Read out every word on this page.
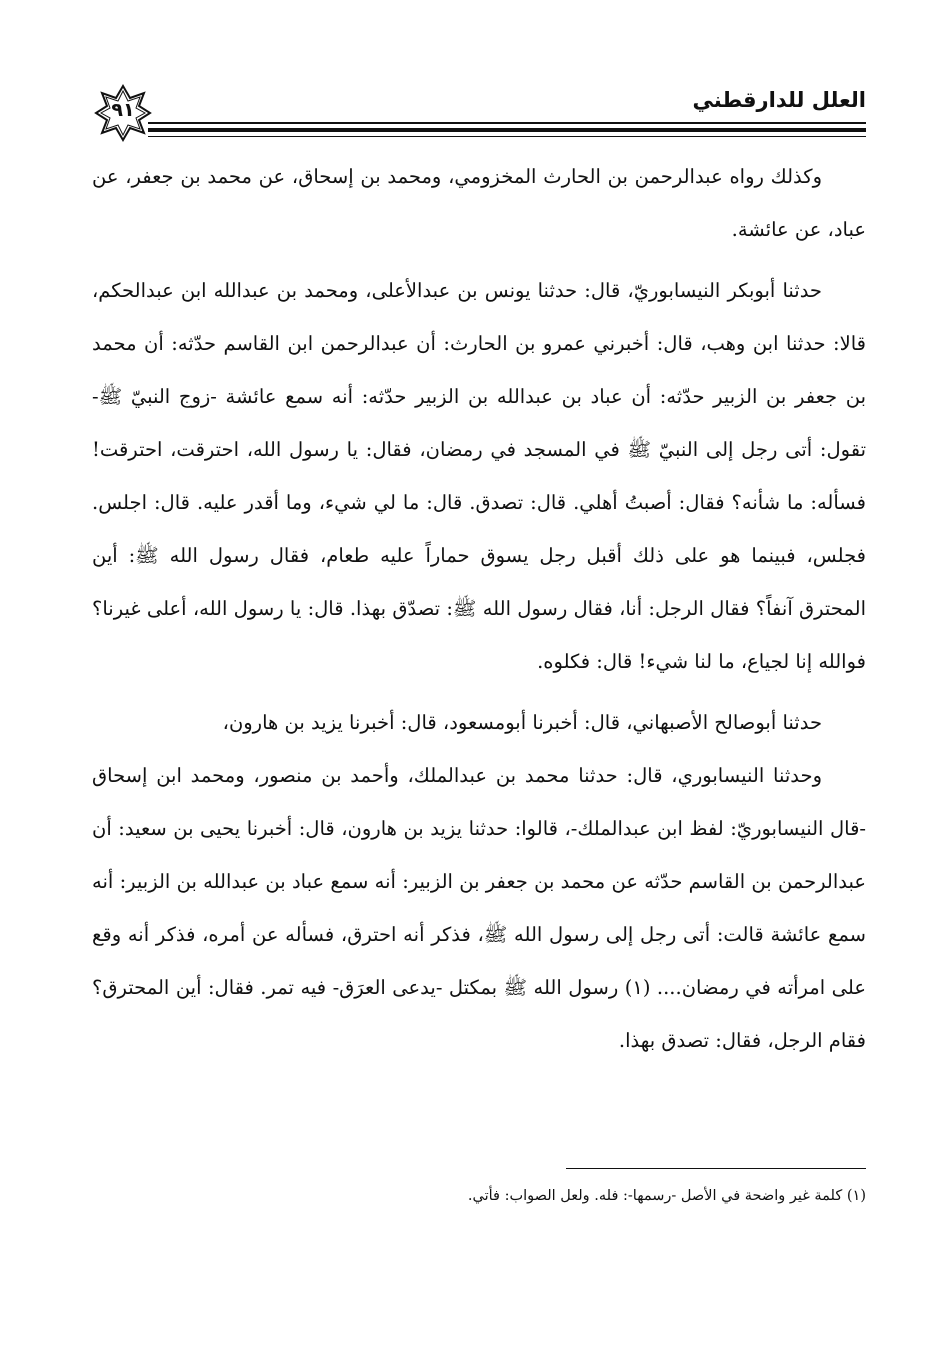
العلل للدارقطني
٩١

وكذلك رواه عبدالرحمن بن الحارث المخزومي، ومحمد بن إسحاق، عن محمد بن جعفر، عن عباد، عن عائشة.

حدثنا أبوبكر النيسابوريّ، قال: حدثنا يونس بن عبدالأعلى، ومحمد بن عبدالله ابن عبدالحكم، قالا: حدثنا ابن وهب، قال: أخبرني عمرو بن الحارث: أن عبدالرحمن ابن القاسم حدّثه: أن محمد بن جعفر بن الزبير حدّثه: أن عباد بن عبدالله بن الزبير حدّثه: أنه سمع عائشة -زوج النبيّ ﷺ- تقول: أتى رجل إلى النبيّ ﷺ في المسجد في رمضان، فقال: يا رسول الله، احترقت، احترقت! فسأله: ما شأنه؟ فقال: أصبتُ أهلي. قال: تصدق. قال: ما لي شيء، وما أقدر عليه. قال: اجلس. فجلس، فبينما هو على ذلك أقبل رجل يسوق حماراً عليه طعام، فقال رسول الله ﷺ: أين المحترق آنفاً؟ فقال الرجل: أنا، فقال رسول الله ﷺ: تصدّق بهذا. قال: يا رسول الله، أعلى غيرنا؟ فوالله إنا لجياع، ما لنا شيء! قال: فكلوه.

حدثنا أبوصالح الأصبهاني، قال: أخبرنا أبومسعود، قال: أخبرنا يزيد بن هارون،

وحدثنا النيسابوري، قال: حدثنا محمد بن عبدالملك، وأحمد بن منصور، ومحمد ابن إسحاق -قال النيسابوريّ: لفظ ابن عبدالملك-، قالوا: حدثنا يزيد بن هارون، قال: أخبرنا يحيى بن سعيد: أن عبدالرحمن بن القاسم حدّثه عن محمد بن جعفر بن الزبير: أنه سمع عباد بن عبدالله بن الزبير: أنه سمع عائشة قالت: أتى رجل إلى رسول الله ﷺ، فذكر أنه احترق، فسأله عن أمره، فذكر أنه وقع على امرأته في رمضان.... (١) رسول الله ﷺ بمكتل -يدعى العرَق- فيه تمر. فقال: أين المحترق؟ فقام الرجل، فقال: تصدق بهذا.

(١) كلمة غير واضحة في الأصل -رسمها-: فله. ولعل الصواب: فأتي.
